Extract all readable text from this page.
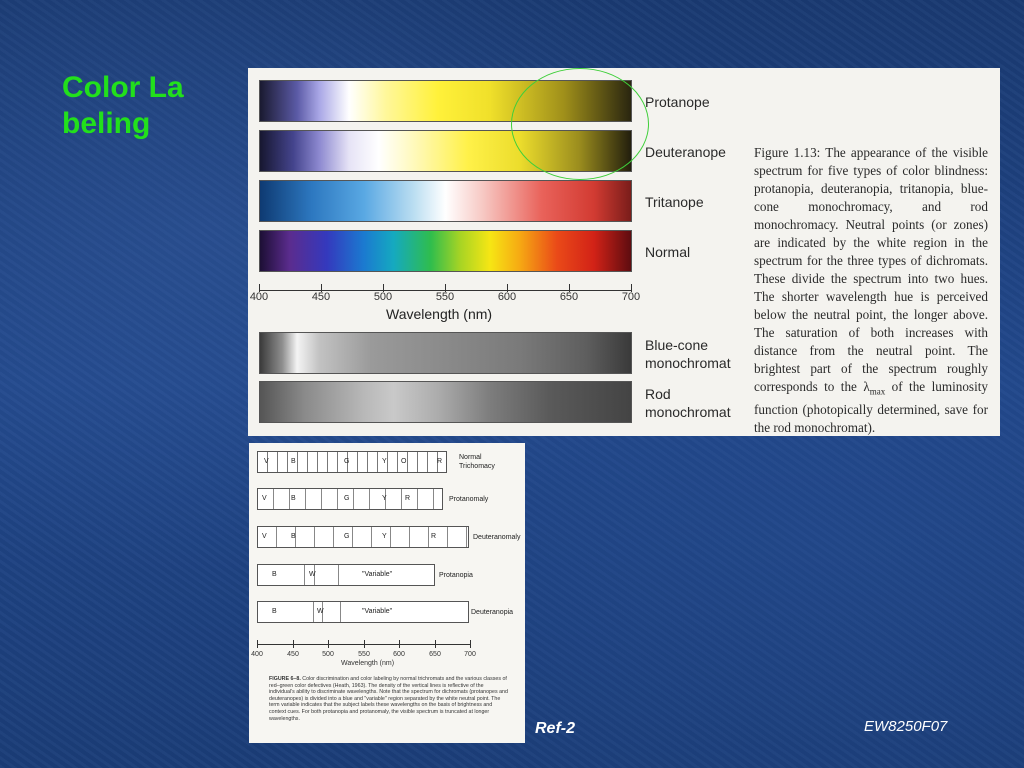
Color Labeling
Protanope
Deuteranope
Tritanope
Normal
400	450	500	550	600	650	700
Wavelength (nm)
Blue-cone monochromat
Rod monochromat

Figure 1.13: The appearance of the visible spectrum for five types of color blindness: protanopia, deuteranopia, tritanopia, blue-cone monochromacy, and rod monochromacy. Neutral points (or zones) are indicated by the white region in the spectrum for the three types of dichromats. These divide the spectrum into two hues. The shorter wavelength hue is perceived below the neutral point, the longer above. The saturation of both increases with distance from the neutral point. The brightest part of the spectrum roughly corresponds to the $\lambda_{max}$ of the luminosity function (photopically determined, save for the rod monochromat).

V	B	G	Y O	R
Normal Trichomacy
V	B	G	Y	R	Protanomaly
V	B	G	Y	R	Deuteranomaly
B	W	"Variable"	Protanopia
B	W	"Variable"	Deuteranopia
400	450	500	550	600	650	700
Wavelength (nm)

FIGURE 6–8. Color discrimination and color labeling by normal trichromats and the various classes of red–green color defectives (Heath, 1963). The density of the vertical lines is reflective of the individual's ability to discriminate wavelengths. Note that the spectrum for dichromats (protanopes and deuteranopes) is divided into a blue and "variable" region separated by the white neutral point. The term variable indicates that the subject labels these wavelengths on the basis of brightness and context cues. For both protanopia and protanomaly, the visible spectrum is truncated at longer wavelengths.

Ref-2	EW8250F07
